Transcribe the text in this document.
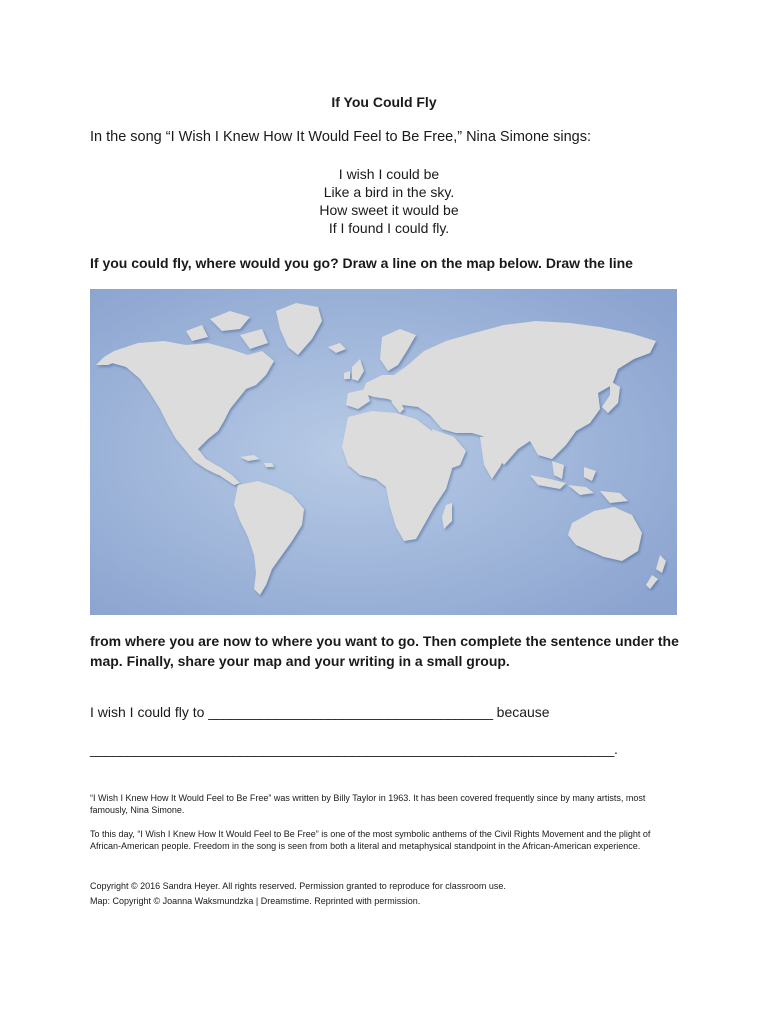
If You Could Fly
In the song “I Wish I Knew How It Would Feel to Be Free,” Nina Simone sings:
I wish I could be
Like a bird in the sky.
How sweet it would be
If I found I could fly.
If you could fly, where would you go? Draw a line on the map below. Draw the line
from where you are now to where you want to go. Then complete the sentence under the map. Finally, share your map and your writing in a small group.
I wish I could fly to ______________________________________ because
______________________________________________________________________.
“I Wish I Knew How It Would Feel to Be Free” was written by Billy Taylor in 1963. It has been covered frequently since by many artists, most famously, Nina Simone.
To this day, “I Wish I Knew How It Would Feel to Be Free” is one of the most symbolic anthems of the Civil Rights Movement and the plight of African-American people. Freedom in the song is seen from both a literal and metaphysical standpoint in the African-American experience.
Copyright © 2016 Sandra Heyer. All rights reserved. Permission granted to reproduce for classroom use.
Map: Copyright © Joanna Waksmundzka | Dreamstime. Reprinted with permission.
